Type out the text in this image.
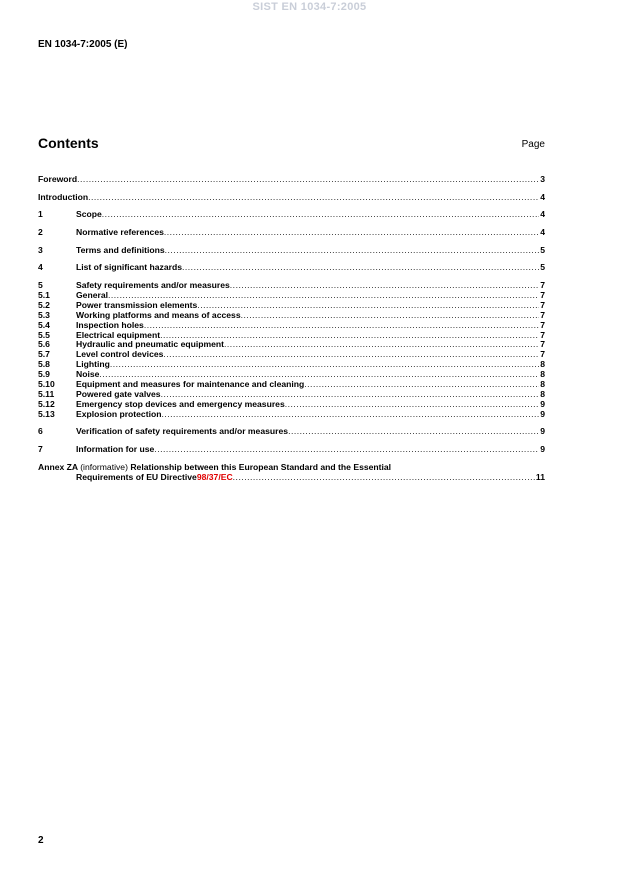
SIST EN 1034-7:2005
EN 1034-7:2005 (E)
Contents	Page
Foreword .....	3
Introduction .....	4
1	Scope .....	4
2	Normative references .....	4
3	Terms and definitions .....	5
4	List of significant hazards .....	5
5	Safety requirements and/or measures .....	7
5.1	General .....	7
5.2	Power transmission elements .....	7
5.3	Working platforms and means of access .....	7
5.4	Inspection holes .....	7
5.5	Electrical equipment .....	7
5.6	Hydraulic and pneumatic equipment .....	7
5.7	Level control devices .....	7
5.8	Lighting .....	8
5.9	Noise .....	8
5.10	Equipment and measures for maintenance and cleaning .....	8
5.11	Powered gate valves .....	8
5.12	Emergency stop devices and emergency measures .....	9
5.13	Explosion protection .....	9
6	Verification of safety requirements and/or measures .....	9
7	Information for use .....	9
Annex ZA (informative) Relationship between this European Standard and the Essential
Requirements of EU Directive 98/37/EC .....	11
2
